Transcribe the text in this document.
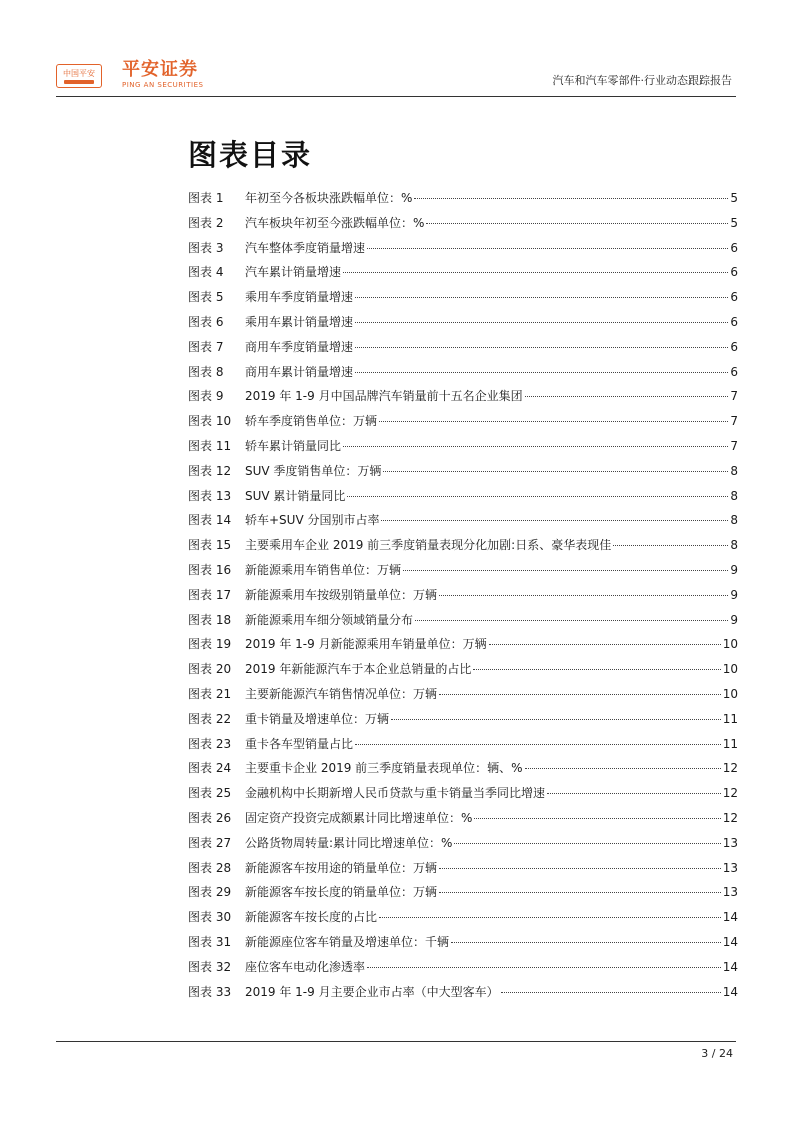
中国平安 平安证券
PING AN SECURITIES	汽车和汽车零部件·行业动态跟踪报告
图表目录
图表 1	年初至今各板块涨跌幅单位：%	5
图表 2	汽车板块年初至今涨跌幅单位：%	5
图表 3	汽车整体季度销量增速	6
图表 4	汽车累计销量增速	6
图表 5	乘用车季度销量增速	6
图表 6	乘用车累计销量增速	6
图表 7	商用车季度销量增速	6
图表 8	商用车累计销量增速	6
图表 9	2019 年 1-9 月中国品牌汽车销量前十五名企业集团	7
图表 10	轿车季度销售单位：万辆	7
图表 11	轿车累计销量同比	7
图表 12	SUV 季度销售单位：万辆	8
图表 13	SUV 累计销量同比	8
图表 14	轿车+SUV 分国别市占率	8
图表 15	主要乘用车企业 2019 前三季度销量表现分化加剧:日系、豪华表现佳	8
图表 16	新能源乘用车销售单位：万辆	9
图表 17	新能源乘用车按级别销量单位：万辆	9
图表 18	新能源乘用车细分领域销量分布	9
图表 19	2019 年 1-9 月新能源乘用车销量单位：万辆	10
图表 20	2019 年新能源汽车于本企业总销量的占比	10
图表 21	主要新能源汽车销售情况单位：万辆	10
图表 22	重卡销量及增速单位：万辆	11
图表 23	重卡各车型销量占比	11
图表 24	主要重卡企业 2019 前三季度销量表现单位：辆、%	12
图表 25	金融机构中长期新增人民币贷款与重卡销量当季同比增速	12
图表 26	固定资产投资完成额累计同比增速单位：%	12
图表 27	公路货物周转量:累计同比增速单位：%	13
图表 28	新能源客车按用途的销量单位：万辆	13
图表 29	新能源客车按长度的销量单位：万辆	13
图表 30	新能源客车按长度的占比	14
图表 31	新能源座位客车销量及增速单位：千辆	14
图表 32	座位客车电动化渗透率	14
图表 33	2019 年 1-9 月主要企业市占率（中大型客车）	14
3 / 24
